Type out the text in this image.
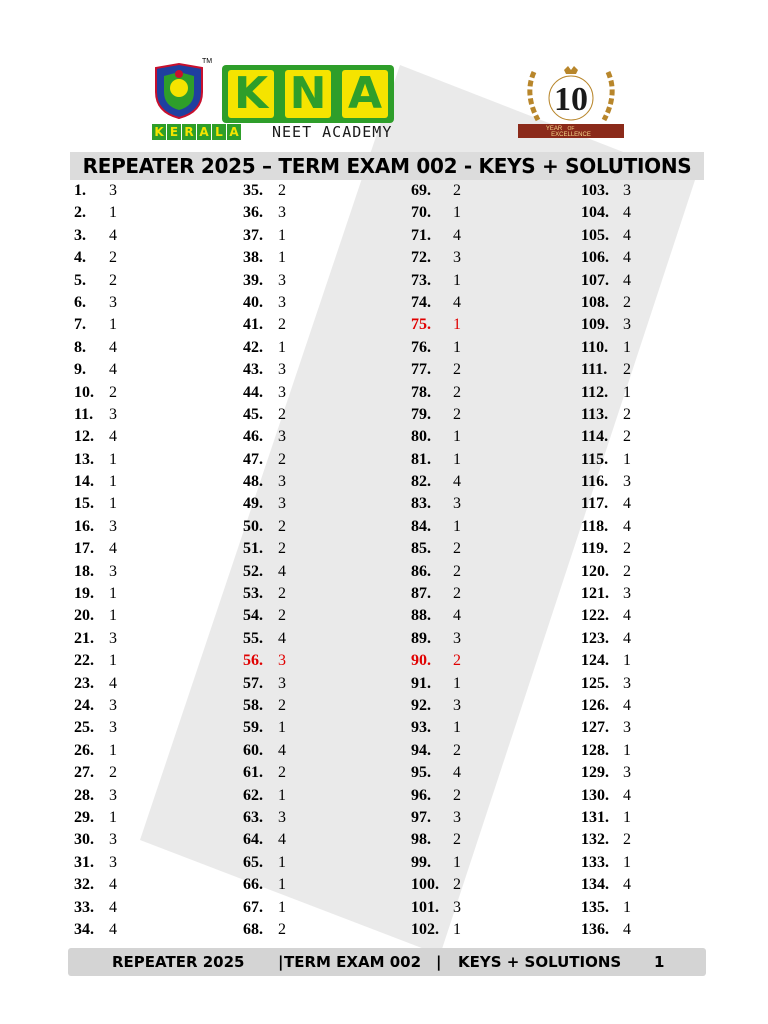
TM
K N A
K E R A L A NEET ACADEMY
10
YEAR OF
EXCELLENCE
REPEATER 2025 – TERM EXAM 002 - KEYS + SOLUTIONS
1. 3
2. 1
3. 4
4. 2
5. 2
6. 3
7. 1
8. 4
9. 4
10. 2
11. 3
12. 4
13. 1
14. 1
15. 1
16. 3
17. 4
18. 3
19. 1
20. 1
21. 3
22. 1
23. 4
24. 3
25. 3
26. 1
27. 2
28. 3
29. 1
30. 3
31. 3
32. 4
33. 4
34. 4
35. 2
36. 3
37. 1
38. 1
39. 3
40. 3
41. 2
42. 1
43. 3
44. 3
45. 2
46. 3
47. 2
48. 3
49. 3
50. 2
51. 2
52. 4
53. 2
54. 2
55. 4
56. 3
57. 3
58. 2
59. 1
60. 4
61. 2
62. 1
63. 3
64. 4
65. 1
66. 1
67. 1
68. 2
69. 2
70. 1
71. 4
72. 3
73. 1
74. 4
75. 1
76. 1
77. 2
78. 2
79. 2
80. 1
81. 1
82. 4
83. 3
84. 1
85. 2
86. 2
87. 2
88. 4
89. 3
90. 2
91. 1
92. 3
93. 1
94. 2
95. 4
96. 2
97. 3
98. 2
99. 1
100. 2
101. 3
102. 1
103. 3
104. 4
105. 4
106. 4
107. 4
108. 2
109. 3
110. 1
111. 2
112. 1
113. 2
114. 2
115. 1
116. 3
117. 4
118. 4
119. 2
120. 2
121. 3
122. 4
123. 4
124. 1
125. 3
126. 4
127. 3
128. 1
129. 3
130. 4
131. 1
132. 2
133. 1
134. 4
135. 1
136. 4
REPEATER 2025 | TERM EXAM 002 | KEYS + SOLUTIONS 1
